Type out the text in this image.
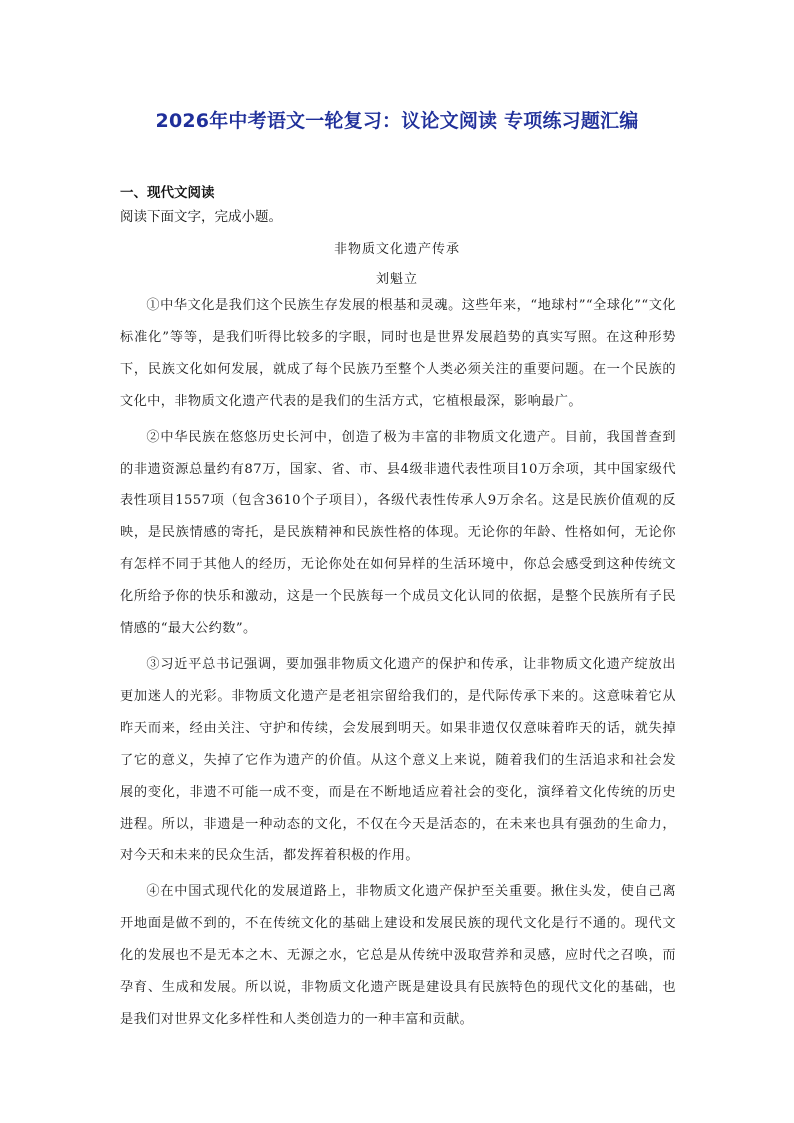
2026年中考语文一轮复习：议论文阅读 专项练习题汇编
一、现代文阅读
阅读下面文字，完成小题。
非物质文化遗产传承
刘魁立

①中华文化是我们这个民族生存发展的根基和灵魂。这些年来，“地球村”“全球化”“文化标准化”等等，是我们听得比较多的字眼，同时也是世界发展趋势的真实写照。在这种形势下，民族文化如何发展，就成了每个民族乃至整个人类必须关注的重要问题。在一个民族的文化中，非物质文化遗产代表的是我们的生活方式，它植根最深，影响最广。

②中华民族在悠悠历史长河中，创造了极为丰富的非物质文化遗产。目前，我国普查到的非遗资源总量约有87万，国家、省、市、县4级非遗代表性项目10万余项，其中国家级代表性项目1557项（包含3610个子项目），各级代表性传承人9万余名。这是民族价值观的反映，是民族情感的寄托，是民族精神和民族性格的体现。无论你的年龄、性格如何，无论你有怎样不同于其他人的经历，无论你处在如何异样的生活环境中，你总会感受到这种传统文化所给予你的快乐和激动，这是一个民族每一个成员文化认同的依据，是整个民族所有子民情感的“最大公约数”。

③习近平总书记强调，要加强非物质文化遗产的保护和传承，让非物质文化遗产绽放出更加迷人的光彩。非物质文化遗产是老祖宗留给我们的，是代际传承下来的。这意味着它从昨天而来，经由关注、守护和传续，会发展到明天。如果非遗仅仅意味着昨天的话，就失掉了它的意义，失掉了它作为遗产的价值。从这个意义上来说，随着我们的生活追求和社会发展的变化，非遗不可能一成不变，而是在不断地适应着社会的变化，演绎着文化传统的历史进程。所以，非遗是一种动态的文化，不仅在今天是活态的，在未来也具有强劲的生命力，对今天和未来的民众生活，都发挥着积极的作用。

④在中国式现代化的发展道路上，非物质文化遗产保护至关重要。揪住头发，使自己离开地面是做不到的，不在传统文化的基础上建设和发展民族的现代文化是行不通的。现代文化的发展也不是无本之木、无源之水，它总是从传统中汲取营养和灵感，应时代之召唤，而孕育、生成和发展。所以说，非物质文化遗产既是建设具有民族特色的现代文化的基础，也是我们对世界文化多样性和人类创造力的一种丰富和贡献。
